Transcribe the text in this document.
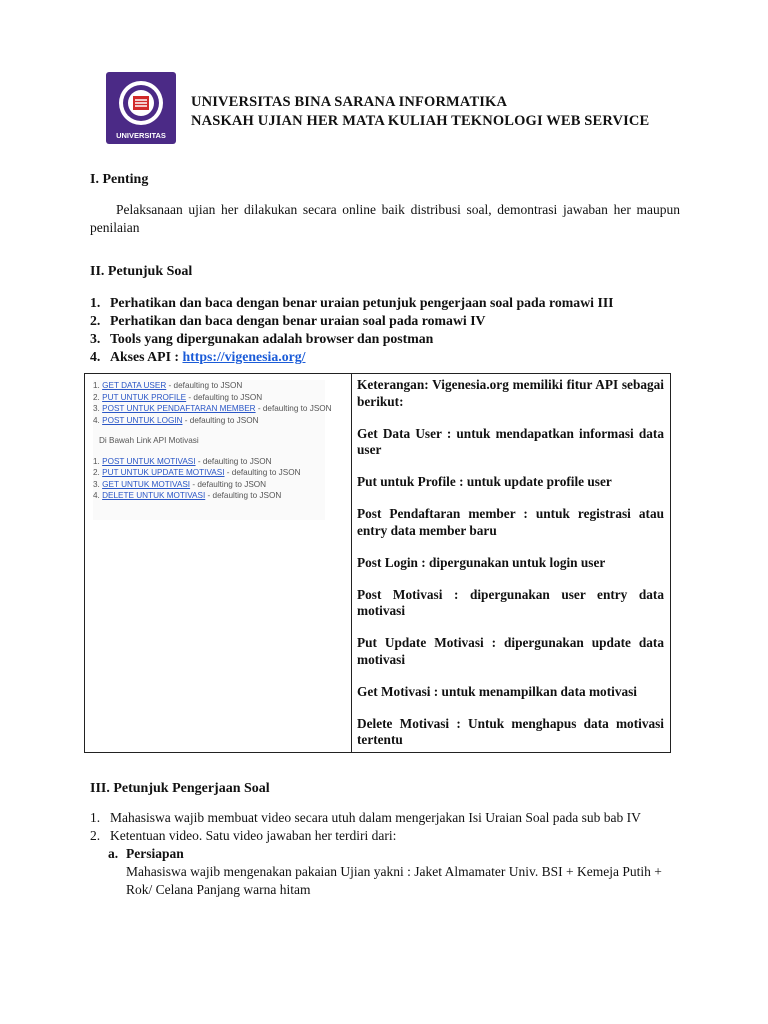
UNIVERSITAS
UNIVERSITAS BINA SARANA INFORMATIKA
NASKAH UJIAN HER MATA KULIAH TEKNOLOGI WEB SERVICE
I. Penting
Pelaksanaan ujian her dilakukan secara online baik distribusi soal, demontrasi jawaban her maupun penilaian
II. Petunjuk Soal
1. Perhatikan dan baca dengan benar uraian petunjuk pengerjaan soal pada romawi III
2. Perhatikan dan baca dengan benar uraian soal pada romawi IV
3. Tools yang dipergunakan adalah browser dan postman
4. Akses API : https://vigenesia.org/
1. GET DATA USER - defaulting to JSON
2. PUT UNTUK PROFILE - defaulting to JSON
3. POST UNTUK PENDAFTARAN MEMBER - defaulting to JSON
4. POST UNTUK LOGIN - defaulting to JSON
Di Bawah Link API Motivasi
1. POST UNTUK MOTIVASI - defaulting to JSON
2. PUT UNTUK UPDATE MOTIVASI - defaulting to JSON
3. GET UNTUK MOTIVASI - defaulting to JSON
4. DELETE UNTUK MOTIVASI - defaulting to JSON

Keterangan: Vigenesia.org memiliki fitur API sebagai berikut:
Get Data User : untuk mendapatkan informasi data user
Put untuk Profile : untuk update profile user
Post Pendaftaran member : untuk registrasi atau entry data member baru
Post Login : dipergunakan untuk login user
Post Motivasi : dipergunakan user entry data motivasi
Put Update Motivasi : dipergunakan update data motivasi
Get Motivasi : untuk menampilkan data motivasi
Delete Motivasi : Untuk menghapus data motivasi tertentu
III. Petunjuk Pengerjaan Soal
1. Mahasiswa wajib membuat video secara utuh dalam mengerjakan Isi Uraian Soal pada sub bab IV
2. Ketentuan video. Satu video jawaban her terdiri dari:
a. Persiapan
Mahasiswa wajib mengenakan pakaian Ujian yakni : Jaket Almamater Univ. BSI + Kemeja Putih + Rok/ Celana Panjang warna hitam
